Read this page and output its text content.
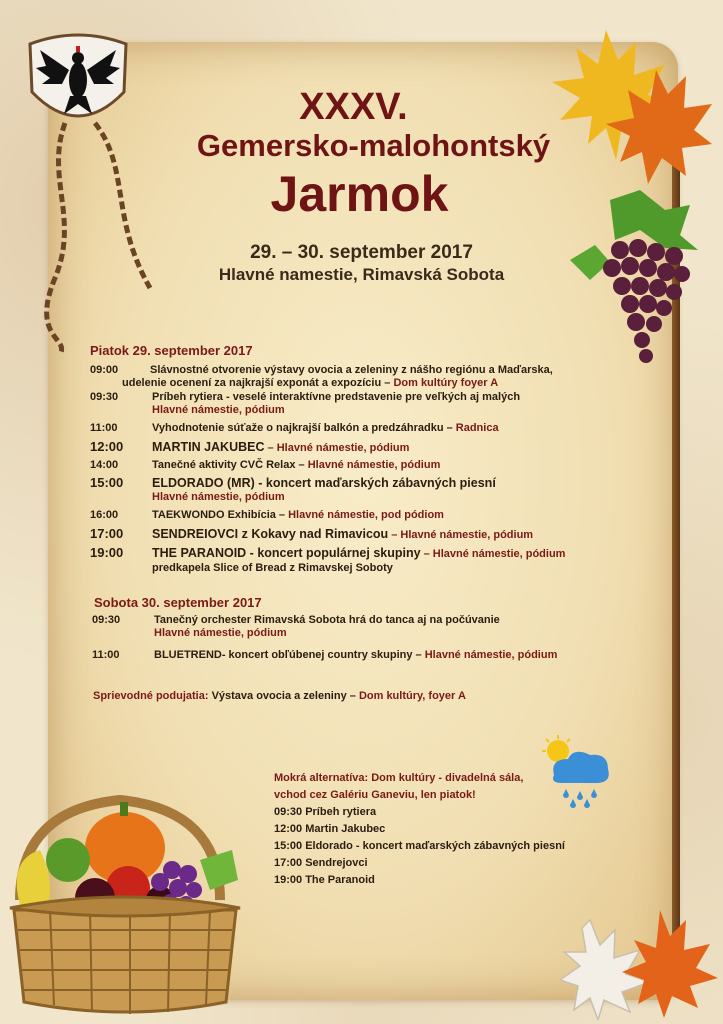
XXXV.
Gemersko-malohontský
Jarmok
29. – 30. september 2017
Hlavné namestie, Rimavská Sobota
Piatok 29. september 2017
09:00	Slávnostné otvorenie výstavy ovocia a zeleniny z nášho regiónu a Maďarska,
udelenie ocenení za najkrajší exponát a expozíciu – Dom kultúry foyer A
09:30	Príbeh rytiera - veselé interaktívne predstavenie pre veľkých aj malých
Hlavné námestie, pódium
11:00	Vyhodnotenie súťaže o najkrajší balkón a predzáhradku – Radnica
12:00 MARTIN JAKUBEC – Hlavné námestie, pódium
14:00	Tanečné aktivity CVČ Relax – Hlavné námestie, pódium
15:00 ELDORADO (MR) - koncert maďarských zábavných piesní
Hlavné námestie, pódium
16:00	TAEKWONDO Exhibícia – Hlavné námestie, pod pódiom
17:00 SENDREIOVCI z Kokavy nad Rimavicou – Hlavné námestie, pódium
19:00 THE PARANOID - koncert populárnej skupiny – Hlavné námestie, pódium
predkapela Slice of Bread z Rimavskej Soboty
Sobota 30. september 2017
09:30	Tanečný orchester Rimavská Sobota hrá do tanca aj na počúvanie
Hlavné námestie, pódium
11:00	BLUETREND- koncert obľúbenej country skupiny – Hlavné námestie, pódium
Sprievodné podujatia: Výstava ovocia a zeleniny – Dom kultúry, foyer A
Mokrá alternatíva: Dom kultúry - divadelná sála,
vchod cez Galériu Ganeviu, len piatok!
09:30 Príbeh rytiera
12:00 Martin Jakubec
15:00 Eldorado - koncert maďarských zábavných piesní
17:00 Sendrejovci
19:00 The Paranoid
